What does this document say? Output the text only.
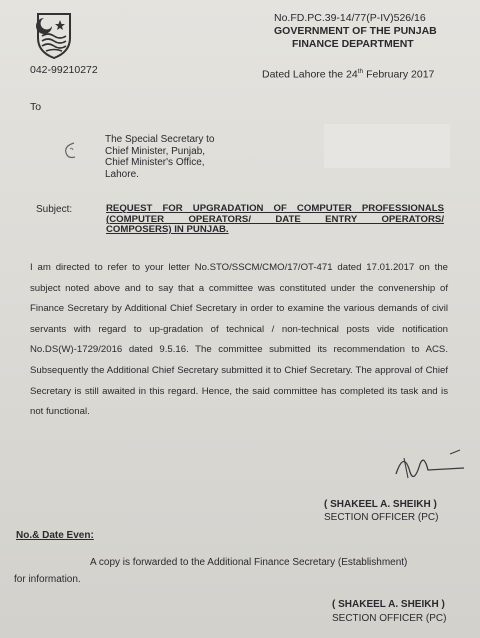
No.FD.PC.39-14/77(P-IV)526/16
GOVERNMENT OF THE PUNJAB
FINANCE DEPARTMENT
042-99210272	Dated Lahore the 24th February 2017
To
The Special Secretary to
Chief Minister, Punjab,
Chief Minister's Office,
Lahore.
Subject:	REQUEST FOR UPGRADATION OF COMPUTER PROFESSIONALS (COMPUTER OPERATORS/ DATE ENTRY OPERATORS/
COMPOSERS) IN PUNJAB.

I am directed to refer to your letter No.STO/SSCM/CMO/17/OT-471 dated 17.01.2017 on the subject noted above and to say that a committee was constituted under the convenership of Finance Secretary by Additional Chief Secretary in order to examine the various demands of civil servants with regard to up-gradation of technical / non-technical posts vide notification No.DS(W)-1729/2016 dated 9.5.16. The committee submitted its recommendation to ACS. Subsequently the Additional Chief Secretary submitted it to Chief Secretary. The approval of Chief Secretary is still awaited in this regard. Hence, the said committee has completed its task and is not functional.

( SHAKEEL A. SHEIKH )
SECTION OFFICER (PC)
No.& Date Even:
A copy is forwarded to the Additional Finance Secretary (Establishment)
for information.
( SHAKEEL A. SHEIKH )
SECTION OFFICER (PC)
